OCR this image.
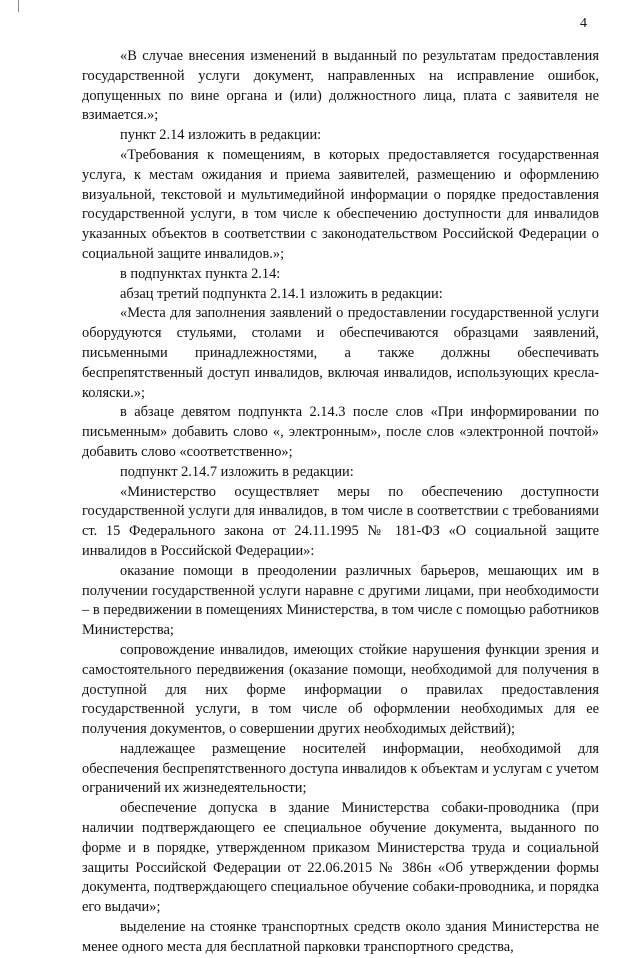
4

«В случае внесения изменений в выданный по результатам предоставления государственной услуги документ, направленных на исправление ошибок, допущенных по вине органа и (или) должностного лица, плата с заявителя не взимается.»;

пункт 2.14 изложить в редакции:

«Требования к помещениям, в которых предоставляется государственная услуга, к местам ожидания и приема заявителей, размещению и оформлению визуальной, текстовой и мультимедийной информации о порядке предоставления государственной услуги, в том числе к обеспечению доступности для инвалидов указанных объектов в соответствии с законодательством Российской Федерации о социальной защите инвалидов.»;

в подпунктах пункта 2.14:

абзац третий подпункта 2.14.1 изложить в редакции:

«Места для заполнения заявлений о предоставлении государственной услуги оборудуются стульями, столами и обеспечиваются образцами заявлений, письменными принадлежностями, а также должны обеспечивать беспрепятственный доступ инвалидов, включая инвалидов, использующих кресла-коляски.»;

в абзаце девятом подпункта 2.14.3 после слов «При информировании по письменным» добавить слово «, электронным», после слов «электронной почтой» добавить слово «соответственно»;

подпункт 2.14.7 изложить в редакции:

«Министерство осуществляет меры по обеспечению доступности государственной услуги для инвалидов, в том числе в соответствии с требованиями ст. 15 Федерального закона от 24.11.1995 № 181-ФЗ «О социальной защите инвалидов в Российской Федерации»:

оказание помощи в преодолении различных барьеров, мешающих им в получении государственной услуги наравне с другими лицами, при необходимости – в передвижении в помещениях Министерства, в том числе с помощью работников Министерства;

сопровождение инвалидов, имеющих стойкие нарушения функции зрения и самостоятельного передвижения (оказание помощи, необходимой для получения в доступной для них форме информации о правилах предоставления государственной услуги, в том числе об оформлении необходимых для ее получения документов, о совершении других необходимых действий);

надлежащее размещение носителей информации, необходимой для обеспечения беспрепятственного доступа инвалидов к объектам и услугам с учетом ограничений их жизнедеятельности;

обеспечение допуска в здание Министерства собаки-проводника (при наличии подтверждающего ее специальное обучение документа, выданного по форме и в порядке, утвержденном приказом Министерства труда и социальной защиты Российской Федерации от 22.06.2015 № 386н «Об утверждении формы документа, подтверждающего специальное обучение собаки-проводника, и порядка его выдачи»;

выделение на стоянке транспортных средств около здания Министерства не менее одного места для бесплатной парковки транспортного средства,
